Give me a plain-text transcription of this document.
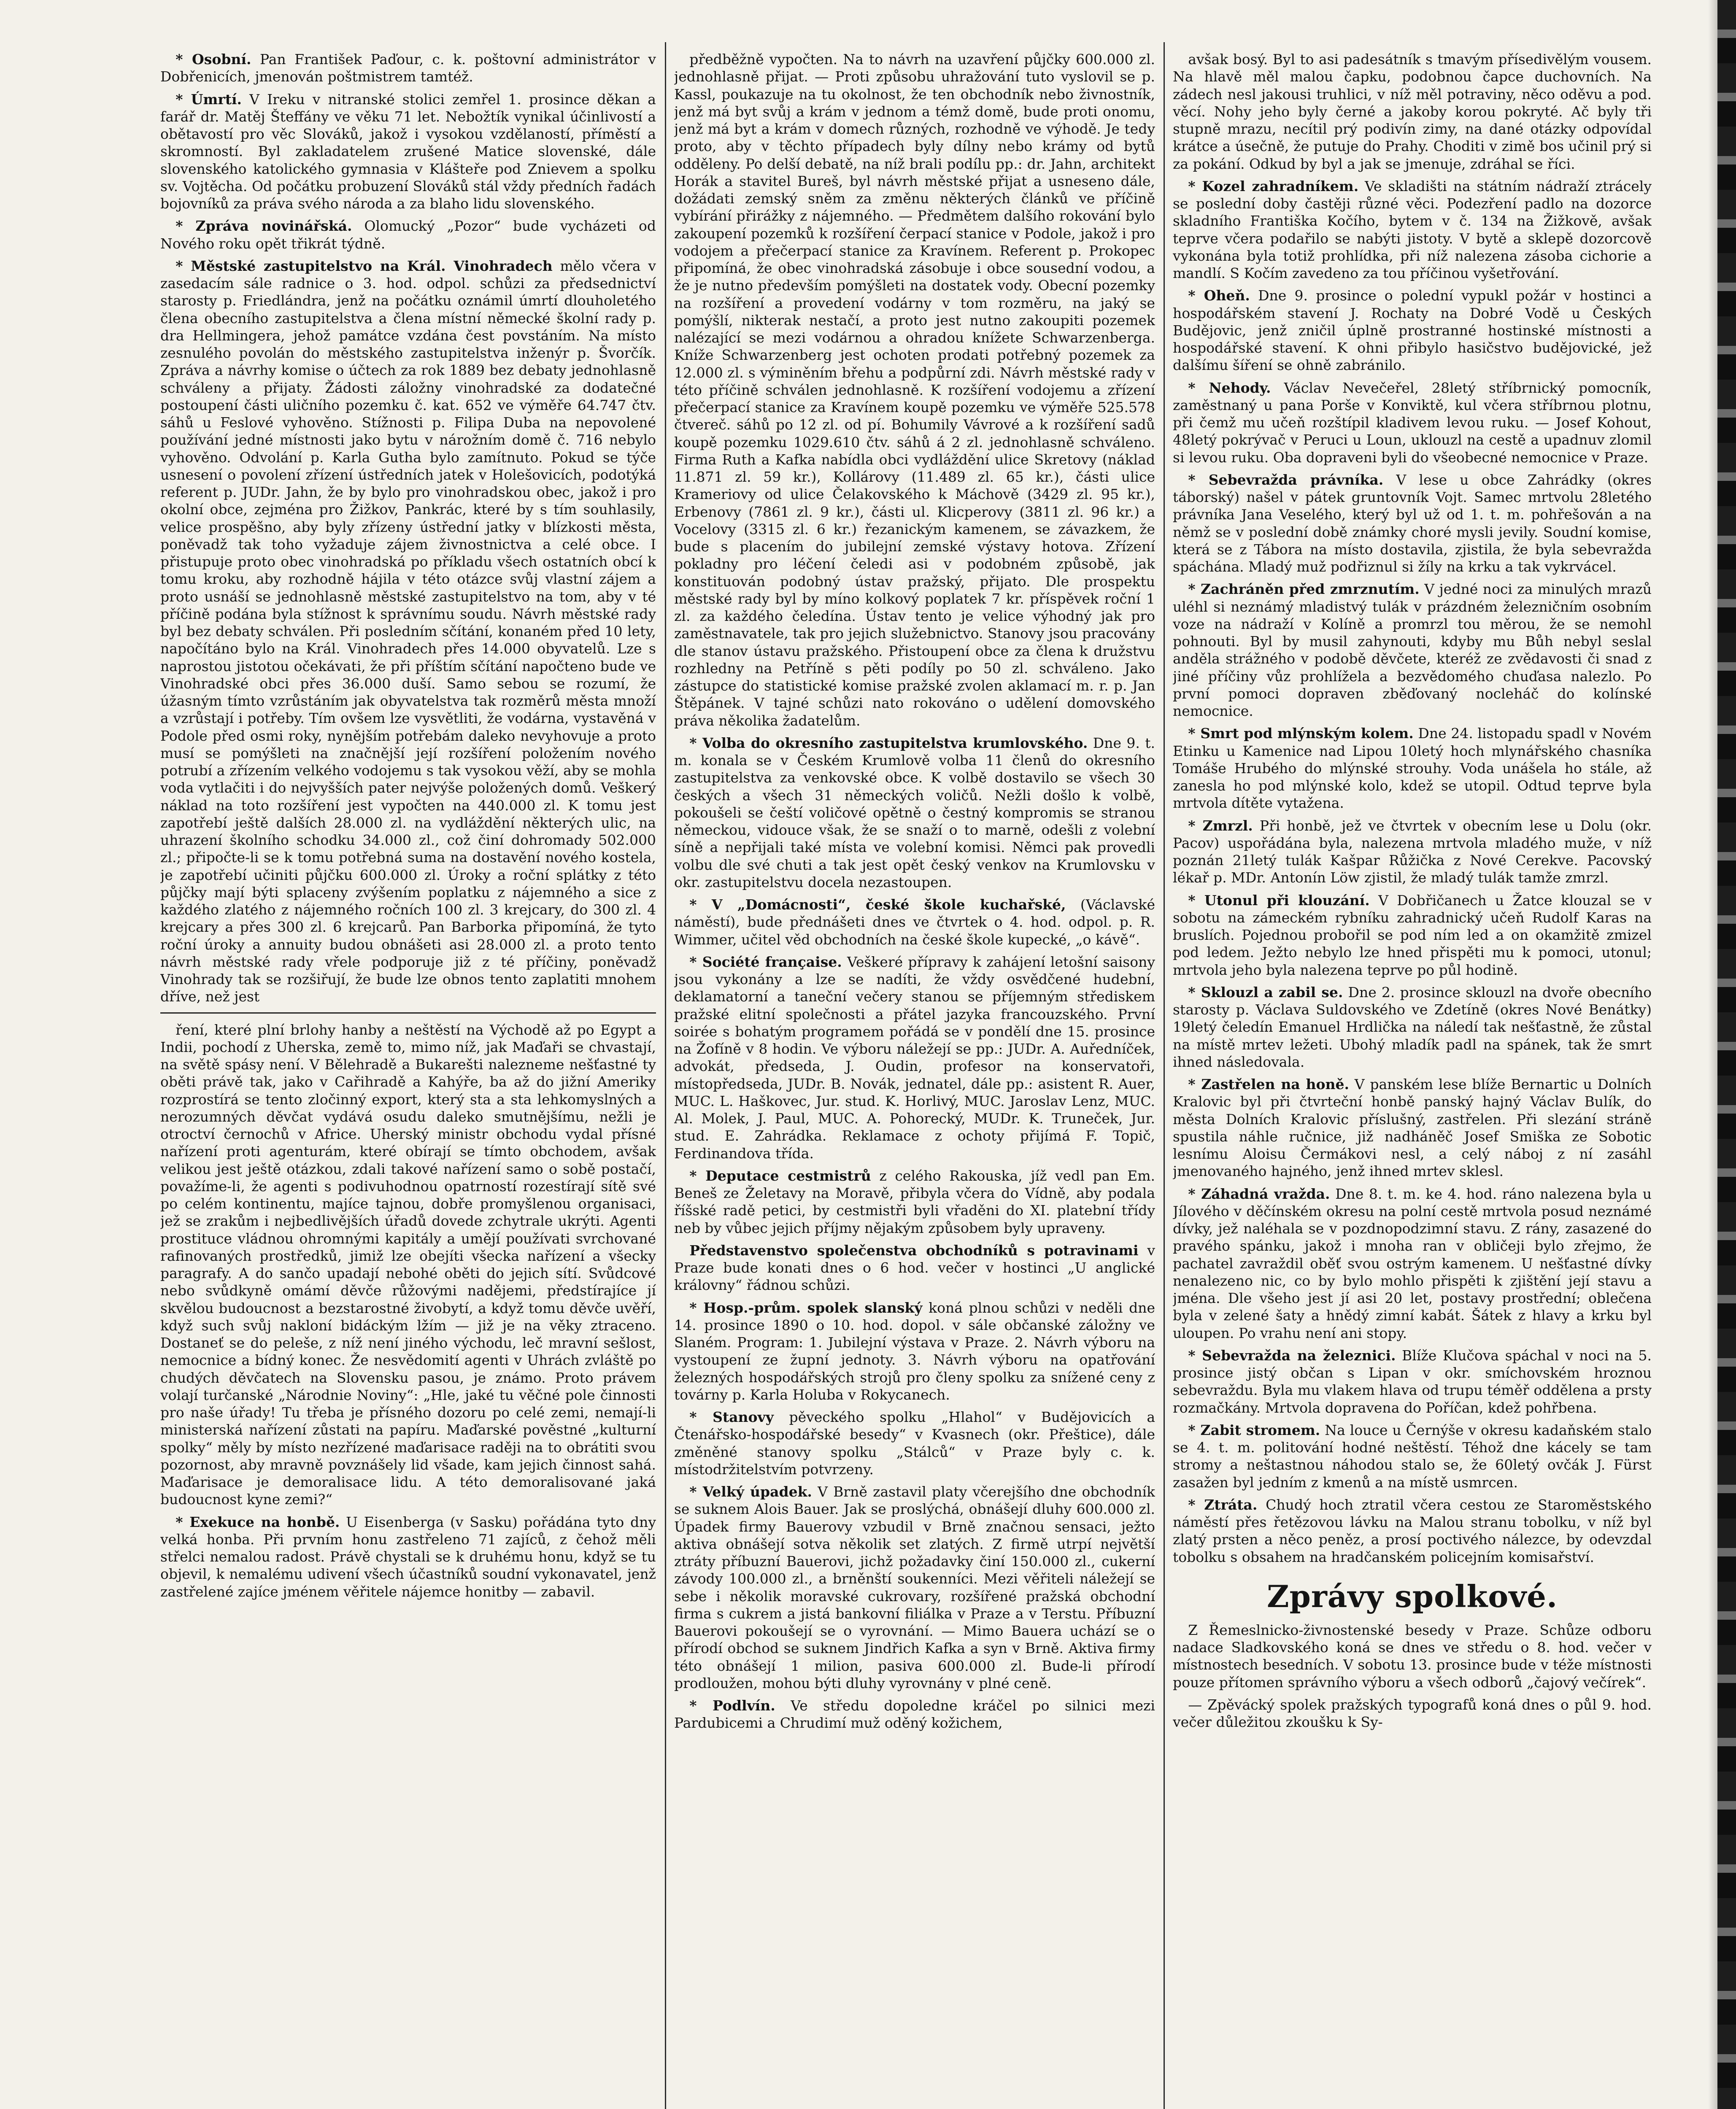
* Osobní. Pan František Paďour, c. k. poštovní administrátor v Dobřenicích, jmenován poštmistrem tamtéž.

* Úmrtí. V Ireku v nitranské stolici zemřel 1. prosince děkan a farář dr. Matěj Šteffány ve věku 71 let. Nebožtík vynikal účinlivostí a obětavostí pro věc Slováků, jakož i vysokou vzdělaností, příměstí a skromností. Byl zakladatelem zrušené Matice slovenské, dále slovenského katolického gymnasia v Klášteře pod Znievem a spolku sv. Vojtěcha. Od počátku probuzení Slováků stál vždy předních řadách bojovníků za práva svého národa a za blaho lidu slovenského.

* Zpráva novinářská. Olomucký „Pozor“ bude vycházeti od Nového roku opět třikrát týdně.

* Městské zastupitelstvo na Král. Vinohradech mělo včera v zasedacím sále radnice o 3. hod. odpol. schůzi za předsednictví starosty p. Friedlándra, jenž na počátku oznámil úmrtí dlouholetého člena obecního zastupitelstva a člena místní německé školní rady p. dra Hellmingera, jehož památce vzdána čest povstáním. Na místo zesnulého povolán do městského zastupitelstva inženýr p. Švorčík. Zpráva a návrhy komise o účtech za rok 1889 bez debaty jednohlasně schváleny a přijaty. Žádosti záložny vinohradské za dodatečné postoupení části uličního pozemku č. kat. 652 ve výměře 64.747 čtv. sáhů u Feslové vyhověno. Stížnosti p. Filipa Duba na nepovolené používání jedné místnosti jako bytu v nárožním domě č. 716 nebylo vyhověno. Odvolání p. Karla Gutha bylo zamítnuto. Pokud se týče usnesení o povolení zřízení ústředních jatek v Holešovicích, podotýká referent p. JUDr. Jahn, že by bylo pro vinohradskou obec, jakož i pro okolní obce, zejména pro Žižkov, Pankrác, které by s tím souhlasily, velice prospěšno, aby byly zřízeny ústřední jatky v blízkosti města, poněvadž tak toho vyžaduje zájem živnostnictva a celé obce. I přistupuje proto obec vinohradská po příkladu všech ostatních obcí k tomu kroku, aby rozhodně hájila v této otázce svůj vlastní zájem a proto usnáší se jednohlasně městské zastupitelstvo na tom, aby v té příčině podána byla stížnost k správnímu soudu. Návrh městské rady byl bez debaty schválen. Při posledním sčítání, konaném před 10 lety, napočítáno bylo na Král. Vinohradech přes 14.000 obyvatelů. Lze s naprostou jistotou očekávati, že při příštím sčítání napočteno bude ve Vinohradské obci přes 36.000 duší. Samo sebou se rozumí, že úžasným tímto vzrůstáním jak obyvatelstva tak rozměrů města množí a vzrůstají i potřeby. Tím ovšem lze vysvětliti, že vodárna, vystavěná v Podole před osmi roky, nynějším potřebám daleko nevyhovuje a proto musí se pomýšleti na značnější její rozšíření položením nového potrubí a zřízením velkého vodojemu s tak vysokou věží, aby se mohla voda vytlačiti i do nejvyšších pater nejvýše položených domů. Veškerý náklad na toto rozšíření jest vypočten na 440.000 zl. K tomu jest zapotřebí ještě dalších 28.000 zl. na vydláždění některých ulic, na uhrazení školního schodku 34.000 zl., což činí dohromady 502.000 zl.; připočte-li se k tomu potřebná suma na dostavění nového kostela, je zapotřebí učiniti půjčku 600.000 zl. Úroky a roční splátky z této půjčky mají býti splaceny zvýšením poplatku z nájemného a sice z každého zlatého z nájemného ročních 100 zl. 3 krejcary, do 300 zl. 4 krejcary a přes 300 zl. 6 krejcarů. Pan Barborka připomíná, že tyto roční úroky a annuity budou obnášeti asi 28.000 zl. a proto tento návrh městské rady vřele podporuje již z té příčiny, poněvadž Vinohrady tak se rozšiřují, že bude lze obnos tento zaplatiti mnohem dříve, než jest

ření, které plní brlohy hanby a neštěstí na Východě až po Egypt a Indii, pochodí z Uherska, země to, mimo níž, jak Maďaři se chvastají, na světě spásy není. V Bělehradě a Bukarešti nalezneme nešťastné ty oběti právě tak, jako v Cařihradě a Kahýře, ba až do jižní Ameriky rozprostírá se tento zločinný export, který sta a sta lehkomyslných a nerozumných děvčat vydává osudu daleko smutnějšímu, nežli je otroctví černochů v Africe. Uherský ministr obchodu vydal přísné nařízení proti agenturám, které obírají se tímto obchodem, avšak velikou jest ještě otázkou, zdali takové nařízení samo o sobě postačí, považíme-li, že agenti s podivuhodnou opatrností rozestírají sítě své po celém kontinentu, majíce tajnou, dobře promyšlenou organisaci, jež se zrakům i nejbedlivějších úřadů dovede zchytrale ukrýti. Agenti prostituce vládnou ohromnými kapitály a umějí používati svrchované rafinovaných prostředků, jimiž lze obejíti všecka nařízení a všecky paragrafy. A do sančo upadají nebohé oběti do jejich sítí. Svůdcové nebo svůdkyně omámí děvče růžovými nadějemi, předstírajíce jí skvělou budoucnost a bezstarostné živobytí, a když tomu děvče uvěří, když such svůj nakloní bidáckým lžím — již je na věky ztraceno. Dostaneť se do peleše, z níž není jiného východu, leč mravní sešlost, nemocnice a bídný konec. Že nesvědomití agenti v Uhrách zvláště po chudých děvčatech na Slovensku pasou, je známo. Proto právem volají turčanské „Národnie Noviny“: „Hle, jaké tu věčné pole činnosti pro naše úřady! Tu třeba je přísného dozoru po celé zemi, nemají-li ministerská nařízení zůstati na papíru. Maďarské pověstné „kulturní spolky“ měly by místo nezřízené maďarisace raději na to obrátiti svou pozornost, aby mravně povznášely lid všade, kam jejich činnost sahá. Maďarisace je demoralisace lidu. A této demoralisované jaká budoucnost kyne zemi?“

* Exekuce na honbě. U Eisenberga (v Sasku) pořádána tyto dny velká honba. Při prvním honu zastřeleno 71 zajíců, z čehož měli střelci nemalou radost. Právě chystali se k druhému honu, když se tu objevil, k nemalému udivení všech účastníků soudní vykonavatel, jenž zastřelené zajíce jménem věřitele nájemce honitby — zabavil.

předběžně vypočten. Na to návrh na uzavření půjčky 600.000 zl. jednohlasně přijat. — Proti způsobu uhražování tuto vyslovil se p. Kassl, poukazuje na tu okolnost, že ten obchodník nebo živnostník, jenž má byt svůj a krám v jednom a témž domě, bude proti onomu, jenž má byt a krám v domech různých, rozhodně ve výhodě. Je tedy proto, aby v těchto případech byly dílny nebo krámy od bytů odděleny. Po delší debatě, na níž brali podílu pp.: dr. Jahn, architekt Horák a stavitel Bureš, byl návrh městské přijat a usneseno dále, dožádati zemský sněm za změnu některých článků ve příčině vybírání přirážky z nájemného. — Předmětem dalšího rokování bylo zakoupení pozemků k rozšíření čerpací stanice v Podole, jakož i pro vodojem a přečerpací stanice za Kravínem. Referent p. Prokopec připomíná, že obec vinohradská zásobuje i obce sousední vodou, a že je nutno především pomýšleti na dostatek vody. Obecní pozemky na rozšíření a provedení vodárny v tom rozměru, na jaký se pomýšlí, nikterak nestačí, a proto jest nutno zakoupiti pozemek nalézající se mezi vodárnou a ohradou knížete Schwarzenberga. Kníže Schwarzenberg jest ochoten prodati potřebný pozemek za 12.000 zl. s výminěním břehu a podpůrní zdi. Návrh městské rady v této příčině schválen jednohlasně. K rozšíření vodojemu a zřízení přečerpací stanice za Kravínem koupě pozemku ve výměře 525.578 čtvereč. sáhů po 12 zl. od pí. Bohumily Vávrové a k rozšíření sadů koupě pozemku 1029.610 čtv. sáhů á 2 zl. jednohlasně schváleno. Firma Ruth a Kafka nabídla obci vydláždění ulice Skretovy (náklad 11.871 zl. 59 kr.), Kollárovy (11.489 zl. 65 kr.), části ulice Krameriovy od ulice Čelakovského k Máchově (3429 zl. 95 kr.), Erbenovy (7861 zl. 9 kr.), části ul. Klicperovy (3811 zl. 96 kr.) a Vocelovy (3315 zl. 6 kr.) řezanickým kamenem, se závazkem, že bude s placením do jubilejní zemské výstavy hotova. Zřízení pokladny pro léčení čeledi asi v podobném způsobě, jak konstituován podobný ústav pražský, přijato. Dle prospektu městské rady byl by míno kolkový poplatek 7 kr. příspěvek roční 1 zl. za každého čeledína. Ústav tento je velice výhodný jak pro zaměstnavatele, tak pro jejich služebnictvo. Stanovy jsou pracovány dle stanov ústavu pražského. Přistoupení obce za člena k družstvu rozhledny na Petříně s pěti podíly po 50 zl. schváleno. Jako zástupce do statistické komise pražské zvolen aklamací m. r. p. Jan Štěpánek. V tajné schůzi nato rokováno o udělení domovského práva několika žadatelům.

* Volba do okresního zastupitelstva krumlovského. Dne 9. t. m. konala se v Českém Krumlově volba 11 členů do okresního zastupitelstva za venkovské obce. K volbě dostavilo se všech 30 českých a všech 31 německých voličů. Nežli došlo k volbě, pokoušeli se čeští voličové opětně o čestný kompromis se stranou německou, vidouce však, že se snaží o to marně, odešli z volební síně a nepřijali také místa ve volební komisi. Němci pak provedli volbu dle své chuti a tak jest opět český venkov na Krumlovsku v okr. zastupitelstvu docela nezastoupen.

* V „Domácnosti“, české škole kuchařské, (Václavské náměstí), bude přednášeti dnes ve čtvrtek o 4. hod. odpol. p. R. Wimmer, učitel věd obchodních na české škole kupecké, „o kávě“.

* Société française. Veškeré přípravy k zahájení letošní saisony jsou vykonány a lze se nadíti, že vždy osvědčené hudební, deklamatorní a taneční večery stanou se příjemným střediskem pražské elitní společnosti a přátel jazyka francouzského. První soirée s bohatým programem pořádá se v pondělí dne 15. prosince na Žofíně v 8 hodin. Ve výboru náležejí se pp.: JUDr. A. Auředníček, advokát, předseda, J. Oudin, profesor na konservatoři, místopředseda, JUDr. B. Novák, jednatel, dále pp.: asistent R. Auer, MUC. L. Haškovec, Jur. stud. K. Horlivý, MUC. Jaroslav Lenz, MUC. Al. Molek, J. Paul, MUC. A. Pohorecký, MUDr. K. Truneček, Jur. stud. E. Zahrádka. Reklamace z ochoty přijímá F. Topič, Ferdinandova třída.

* Deputace cestmistrů z celého Rakouska, jíž vedl pan Em. Beneš ze Želetavy na Moravě, přibyla včera do Vídně, aby podala říšské radě petici, by cestmistři byli vřaděni do XI. platební třídy neb by vůbec jejich příjmy nějakým způsobem byly upraveny.

Představenstvo společenstva obchodníků s potravinami v Praze bude konati dnes o 6 hod. večer v hostinci „U anglické královny“ řádnou schůzi.

* Hosp.-prům. spolek slanský koná plnou schůzi v neděli dne 14. prosince 1890 o 10. hod. dopol. v sále občanské záložny ve Slaném. Program: 1. Jubilejní výstava v Praze. 2. Návrh výboru na vystoupení ze župní jednoty. 3. Návrh výboru na opatřování železných hospodářských strojů pro členy spolku za snížené ceny z továrny p. Karla Holuba v Rokycanech.

* Stanovy pěveckého spolku „Hlahol“ v Budějovicích a Čtenářsko-hospodářské besedy“ v Kvasnech (okr. Přeštice), dále změněné stanovy spolku „Stálců“ v Praze byly c. k. místodržitelstvím potvrzeny.

* Velký úpadek. V Brně zastavil platy včerejšího dne obchodník se suknem Alois Bauer. Jak se proslýchá, obnášejí dluhy 600.000 zl. Úpadek firmy Bauerovy vzbudil v Brně značnou sensaci, ježto aktiva obnášejí sotva několik set zlatých. Z firmě utrpí největší ztráty příbuzní Bauerovi, jichž požadavky činí 150.000 zl., cukerní závody 100.000 zl., a brněnští soukenníci. Mezi věřiteli náležejí se sebe i několik moravské cukrovary, rozšířené pražská obchodní firma s cukrem a jistá bankovní filiálka v Praze a v Terstu. Příbuzní Bauerovi pokoušejí se o vyrovnání. — Mimo Bauera uchází se o přírodí obchod se suknem Jindřich Kafka a syn v Brně. Aktiva firmy této obnášejí 1 milion, pasiva 600.000 zl. Bude-li přírodí prodloužen, mohou býti dluhy vyrovnány v plné ceně.

* Podlvín. Ve středu dopoledne kráčel po silnici mezi Pardubicemi a Chrudimí muž oděný kožichem,

avšak bosý. Byl to asi padesátník s tmavým přísedivělým vousem. Na hlavě měl malou čapku, podobnou čapce duchovních. Na zádech nesl jakousi truhlici, v níž měl potraviny, něco oděvu a pod. věcí. Nohy jeho byly černé a jakoby korou pokryté. Ač byly tři stupně mrazu, necítil prý podivín zimy, na dané otázky odpovídal krátce a úsečně, že putuje do Prahy. Choditi v zimě bos učinil prý si za pokání. Odkud by byl a jak se jmenuje, zdráhal se říci.

* Kozel zahradníkem. Ve skladišti na státním nádraží ztrácely se poslední doby častěji různé věci. Podezření padlo na dozorce skladního Františka Kočího, bytem v č. 134 na Žižkově, avšak teprve včera podařilo se nabýti jistoty. V bytě a sklepě dozorcově vykonána byla totiž prohlídka, při níž nalezena zásoba cichorie a mandlí. S Kočím zavedeno za tou příčinou vyšetřování.

* Oheň. Dne 9. prosince o polední vypukl požár v hostinci a hospodářském stavení J. Rochaty na Dobré Vodě u Českých Budějovic, jenž zničil úplně prostranné hostinské místnosti a hospodářské stavení. K ohni přibylo hasičstvo budějovické, jež dalšímu šíření se ohně zabránilo.

* Nehody. Václav Nevečeřel, 28letý stříbrnický pomocník, zaměstnaný u pana Porše v Konviktě, kul včera stříbrnou plotnu, při čemž mu učeň rozštípil kladivem levou ruku. — Josef Kohout, 48letý pokrývač v Peruci u Loun, uklouzl na cestě a upadnuv zlomil si levou ruku. Oba dopraveni byli do všeobecné nemocnice v Praze.

* Sebevražda právníka. V lese u obce Zahrádky (okres táborský) našel v pátek gruntovník Vojt. Samec mrtvolu 28letého právníka Jana Veselého, který byl už od 1. t. m. pohřešován a na němž se v poslední době známky choré mysli jevily. Soudní komise, která se z Tábora na místo dostavila, zjistila, že byla sebevražda spáchána. Mladý muž podřiznul si žíly na krku a tak vykrvácel.

* Zachráněn před zmrznutím. V jedné noci za minulých mrazů uléhl si neznámý mladistvý tulák v prázdném železničním osobním voze na nádraží v Kolíně a promrzl tou měrou, že se nemohl pohnouti. Byl by musil zahynouti, kdyby mu Bůh nebyl seslal anděla strážného v podobě děvčete, kteréž ze zvědavosti či snad z jiné příčiny vůz prohlížela a bezvědomého chuďasa nalezlo. Po první pomoci dopraven zběďovaný nocleháč do kolínské nemocnice.

* Smrt pod mlýnským kolem. Dne 24. listopadu spadl v Novém Etinku u Kamenice nad Lipou 10letý hoch mlynářského chasníka Tomáše Hrubého do mlýnské strouhy. Voda unášela ho stále, až zanesla ho pod mlýnské kolo, kdež se utopil. Odtud teprve byla mrtvola dítěte vytažena.

* Zmrzl. Při honbě, jež ve čtvrtek v obecním lese u Dolu (okr. Pacov) uspořádána byla, nalezena mrtvola mladého muže, v níž poznán 21letý tulák Kašpar Růžička z Nové Cerekve. Pacovský lékař p. MDr. Antonín Löw zjistil, že mladý tulák tamže zmrzl.

* Utonul při klouzání. V Dobřičanech u Žatce klouzal se v sobotu na zámeckém rybníku zahradnický učeň Rudolf Karas na bruslích. Pojednou probořil se pod ním led a on okamžitě zmizel pod ledem. Ježto nebylo lze hned přispěti mu k pomoci, utonul; mrtvola jeho byla nalezena teprve po půl hodině.

* Sklouzl a zabil se. Dne 2. prosince sklouzl na dvoře obecního starosty p. Václava Suldovského ve Zdetíně (okres Nové Benátky) 19letý čeledín Emanuel Hrdlička na náledí tak nešťastně, že zůstal na místě mrtev ležeti. Ubohý mladík padl na spánek, tak že smrt ihned následovala.

* Zastřelen na honě. V panském lese blíže Bernartic u Dolních Kralovic byl při čtvrteční honbě panský hajný Václav Bulík, do města Dolních Kralovic příslušný, zastřelen. Při slezání stráně spustila náhle ručnice, již nadháněč Josef Smiška ze Sobotic lesnímu Aloisu Čermákovi nesl, a celý náboj z ní zasáhl jmenovaného hajného, jenž ihned mrtev sklesl.

* Záhadná vražda. Dne 8. t. m. ke 4. hod. ráno nalezena byla u Jílového v děčínském okresu na polní cestě mrtvola posud neznámé dívky, jež naléhala se v pozdnopodzimní stavu. Z rány, zasazené do pravého spánku, jakož i mnoha ran v obličeji bylo zřejmo, že pachatel zavraždil oběť svou ostrým kamenem. U nešťastné dívky nenalezeno nic, co by bylo mohlo přispěti k zjištění její stavu a jména. Dle všeho jest jí asi 20 let, postavy prostřední; oblečena byla v zelené šaty a hnědý zimní kabát. Šátek z hlavy a krku byl uloupen. Po vrahu není ani stopy.

* Sebevražda na železnici. Blíže Klučova spáchal v noci na 5. prosince jistý občan s Lipan v okr. smíchovském hroznou sebevraždu. Byla mu vlakem hlava od trupu téměř oddělena a prsty rozmačkány. Mrtvola dopravena do Poříčan, kdež pohřbena.

* Zabit stromem. Na louce u Černýše v okresu kadaňském stalo se 4. t. m. politování hodné neštěstí. Téhož dne kácely se tam stromy a neštastnou náhodou stalo se, že 60letý ovčák J. Fürst zasažen byl jedním z kmenů a na místě usmrcen.

* Ztráta. Chudý hoch ztratil včera cestou ze Staroměstského náměstí přes řetězovou lávku na Malou stranu tobolku, v níž byl zlatý prsten a něco peněz, a prosí poctivého nálezce, by odevzdal tobolku s obsahem na hradčanském policejním komisařství.

Zprávy spolkové.

Z Řemeslnicko-živnostenské besedy v Praze. Schůze odboru nadace Sladkovského koná se dnes ve středu o 8. hod. večer v místnostech besedních. V sobotu 13. prosince bude v téže místnosti pouze přítomen správního výboru a všech odborů „čajový večírek“.

— Zpěvácký spolek pražských typografů koná dnes o půl 9. hod. večer důležitou zkoušku k Sy-
